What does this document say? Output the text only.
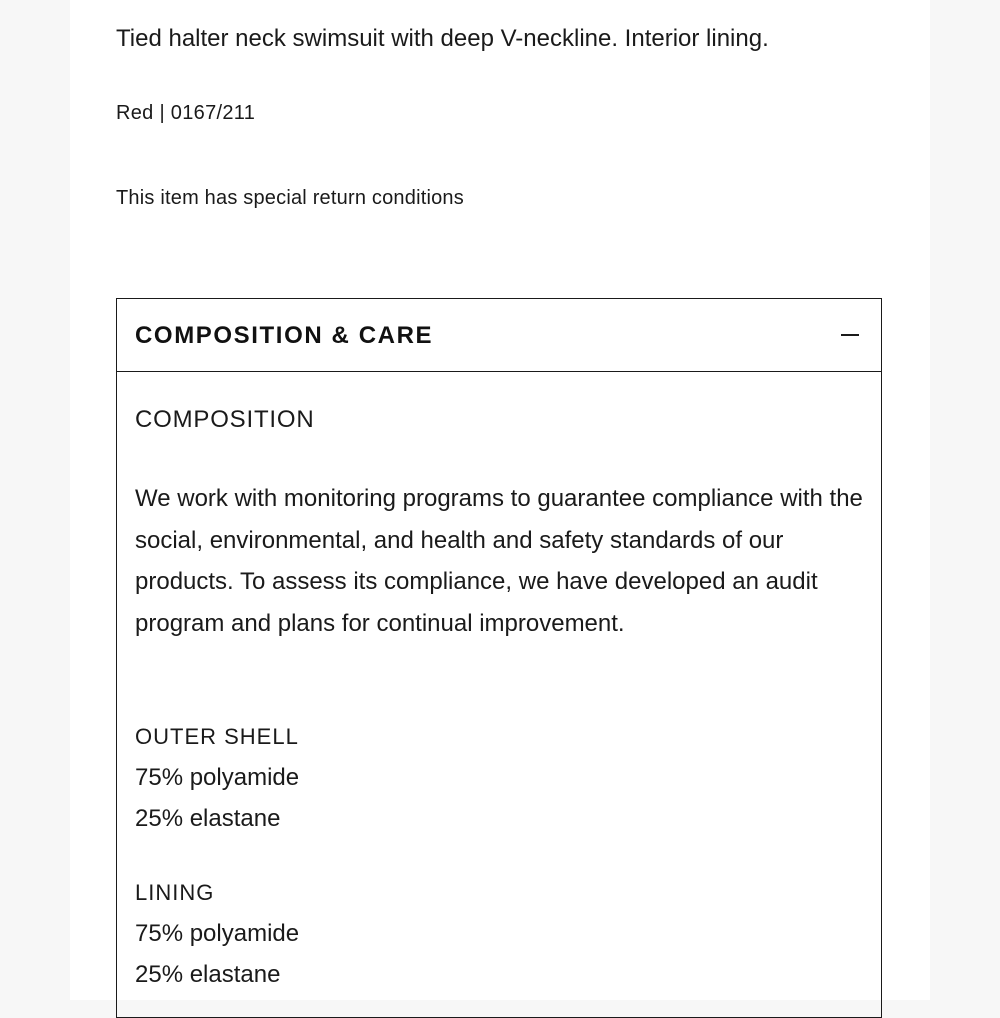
Tied halter neck swimsuit with deep V-neckline. Interior lining.
Red | 0167/211
This item has special return conditions
COMPOSITION & CARE
COMPOSITION

We work with monitoring programs to guarantee compliance with the social, environmental, and health and safety standards of our products. To assess its compliance, we have developed an audit program and plans for continual improvement.

OUTER SHELL
75% polyamide
25% elastane
LINING
75% polyamide
25% elastane
